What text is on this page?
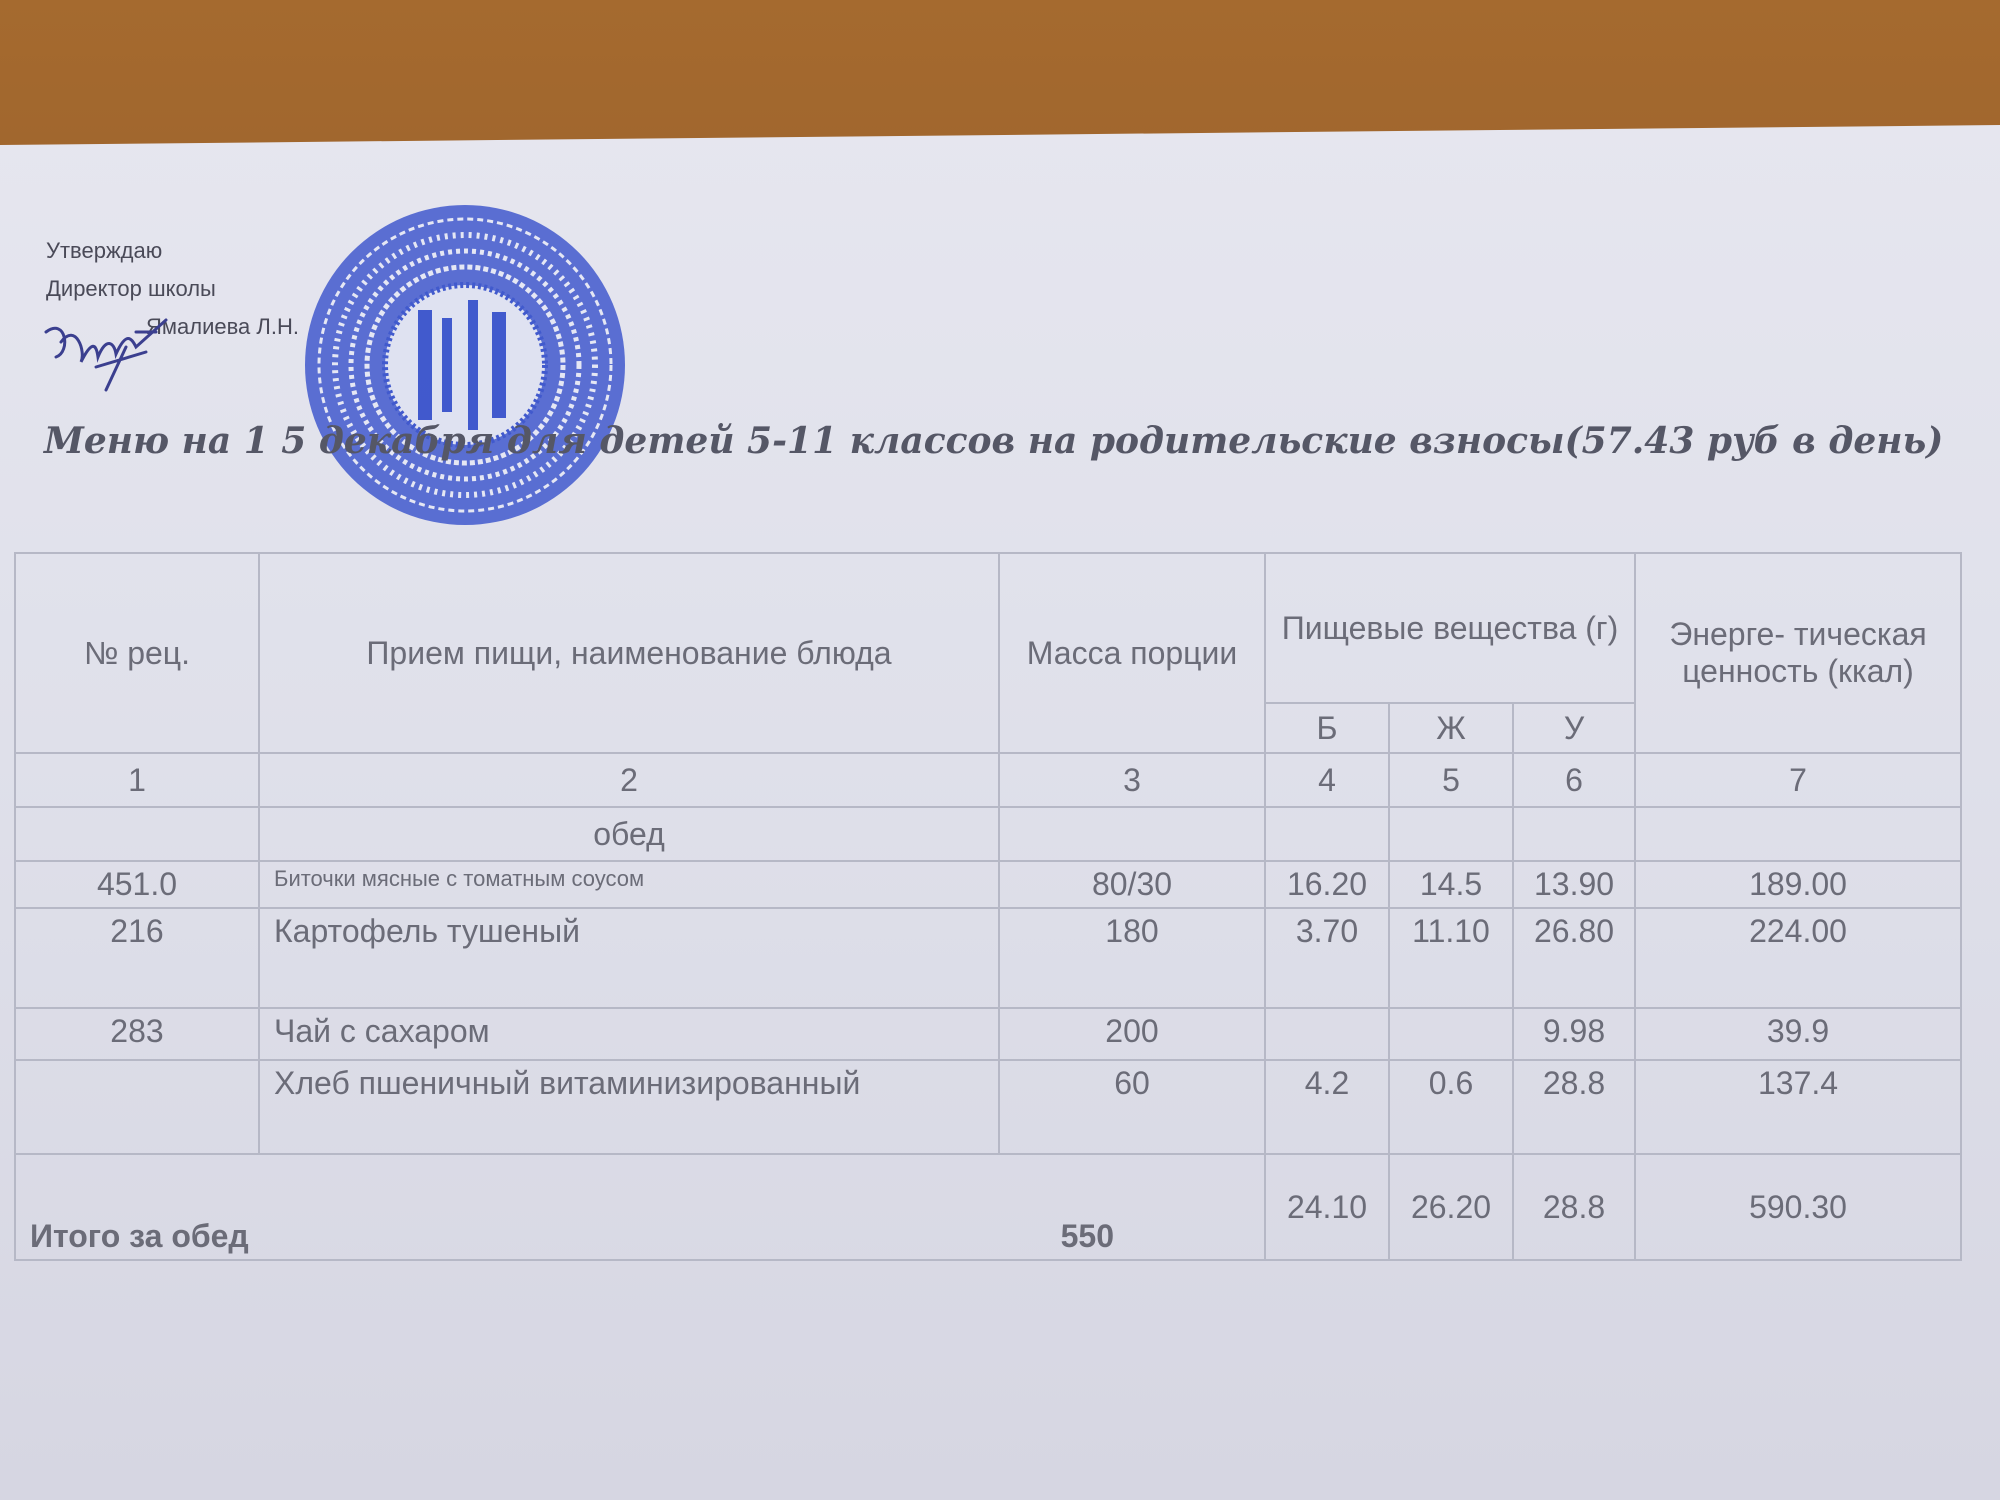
Утверждаю
Директор школы
Ямалиева Л.Н.
Меню на 1 5 декабря для детей 5-11 классов на родительские взносы(57.43 руб в день)
№ рец.	Прием пищи, наименование блюда	Масса порции	Пищевые вещества (г)			Энерге- тическая ценность (ккал)
			Б	Ж	У	
1	2	3	4	5	6	7
	обед					
451.0	Биточки мясные с томатным соусом	80/30	16.20	14.5	13.90	189.00
216	Картофель тушеный	180	3.70	11.10	26.80	224.00
283	Чай с сахаром	200			9.98	39.9
	Хлеб пшеничный витаминизированный	60	4.2	0.6	28.8	137.4

Итого за обед 550			24.10	26.20	28.8	590.30
